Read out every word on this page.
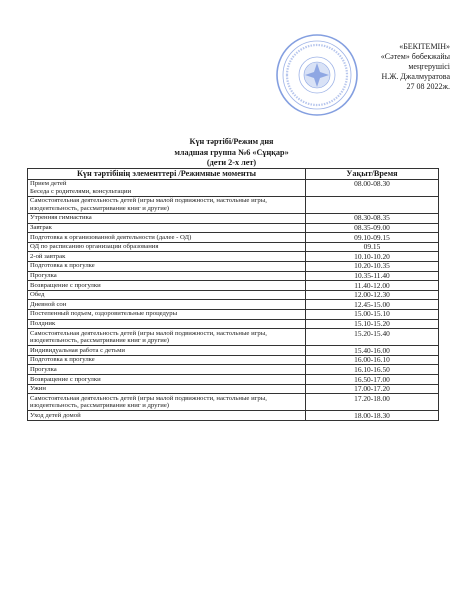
«БЕКІТЕМІН»
«Сәтем» бөбекжайы
меңгерушісі
Н.Ж. Джалмуратова
27 08 2022ж.
Күн тәртібі/Режим дня
младшая группа №6 «Сұңқар»
(дети 2-х лет)
Күн тәртібінің элементтері /Режимные моменты	Уақыт/Время
Прием детей
Беседа с родителями, консультации	08.00-08.30
Самостоятельная деятельность детей (игры малой подвижности, настольные игры, изодеятельность, рассматривание книг и другие)	
Утренняя гимнастика	08.30-08.35
Завтрак	08.35-09.00
Подготовка к организованной деятельности (далее - ОД)	09.10-09.15
ОД по расписанию организации образования	09.15
2-ой завтрак	10.10-10.20
Подготовка к прогулке	10.20-10.35
Прогулка	10.35-11.40
Возвращение с прогулки	11.40-12.00
Обед	12.00-12.30
Дневной сон	12.45-15.00
Постепенный подъем, оздоровительные процедуры	15.00-15.10
Полдник	15.10-15.20
Самостоятельная деятельность детей (игры малой подвижности, настольные игры, изодеятельность, рассматривание книг и другие)	15.20-15.40
Индивидуальная работа с детьми	15.40-16.00
Подготовка к прогулке	16.00-16.10
Прогулка	16.10-16.50
Возвращение с прогулки	16.50-17.00
Ужин	17.00-17.20
Самостоятельная деятельность детей (игры малой подвижности, настольные игры, изодеятельность, рассматривание книг и другие)	17.20-18.00
Уход детей домой	18.00-18.30
